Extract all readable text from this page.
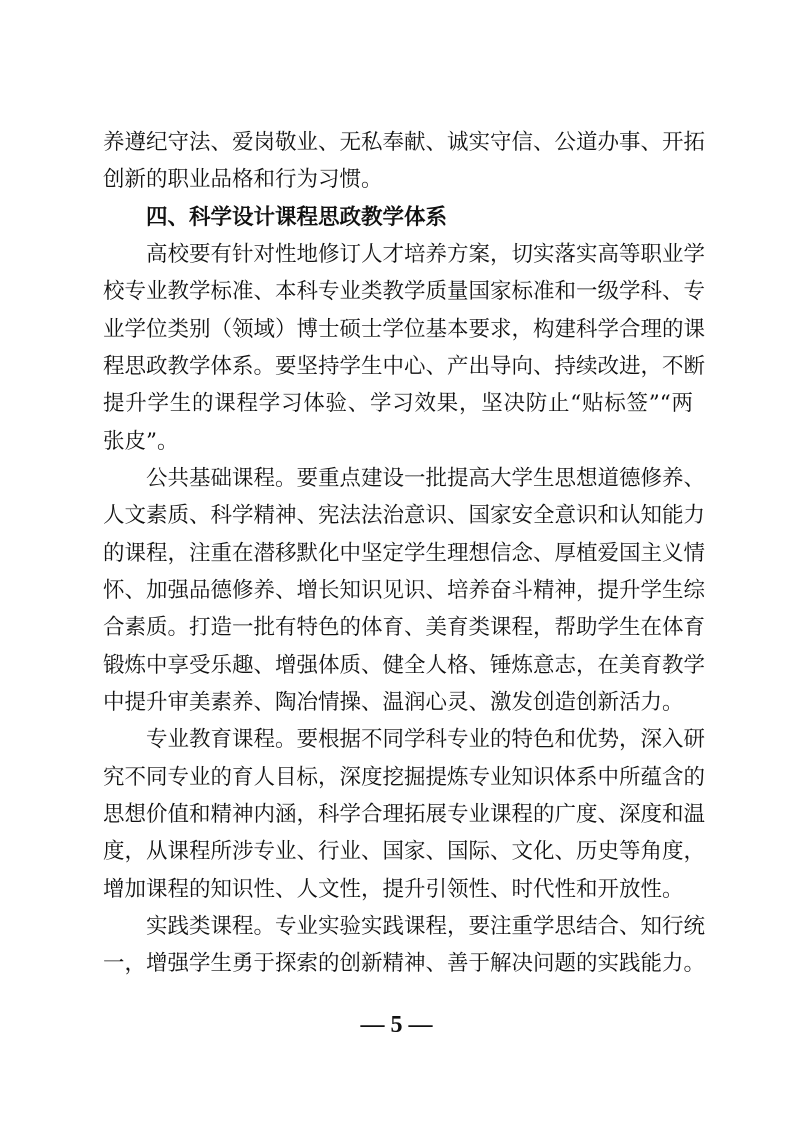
养遵纪守法、爱岗敬业、无私奉献、诚实守信、公道办事、开拓
创新的职业品格和行为习惯。
四、科学设计课程思政教学体系
高校要有针对性地修订人才培养方案，切实落实高等职业学
校专业教学标准、本科专业类教学质量国家标准和一级学科、专
业学位类别（领域）博士硕士学位基本要求，构建科学合理的课
程思政教学体系。要坚持学生中心、产出导向、持续改进，不断
提升学生的课程学习体验、学习效果，坚决防止“贴标签”“两
张皮”。
公共基础课程。要重点建设一批提高大学生思想道德修养、
人文素质、科学精神、宪法法治意识、国家安全意识和认知能力
的课程，注重在潜移默化中坚定学生理想信念、厚植爱国主义情
怀、加强品德修养、增长知识见识、培养奋斗精神，提升学生综
合素质。打造一批有特色的体育、美育类课程，帮助学生在体育
锻炼中享受乐趣、增强体质、健全人格、锤炼意志，在美育教学
中提升审美素养、陶冶情操、温润心灵、激发创造创新活力。
专业教育课程。要根据不同学科专业的特色和优势，深入研
究不同专业的育人目标，深度挖掘提炼专业知识体系中所蕴含的
思想价值和精神内涵，科学合理拓展专业课程的广度、深度和温
度，从课程所涉专业、行业、国家、国际、文化、历史等角度，
增加课程的知识性、人文性，提升引领性、时代性和开放性。
实践类课程。专业实验实践课程，要注重学思结合、知行统
一，增强学生勇于探索的创新精神、善于解决问题的实践能力。
— 5 —
